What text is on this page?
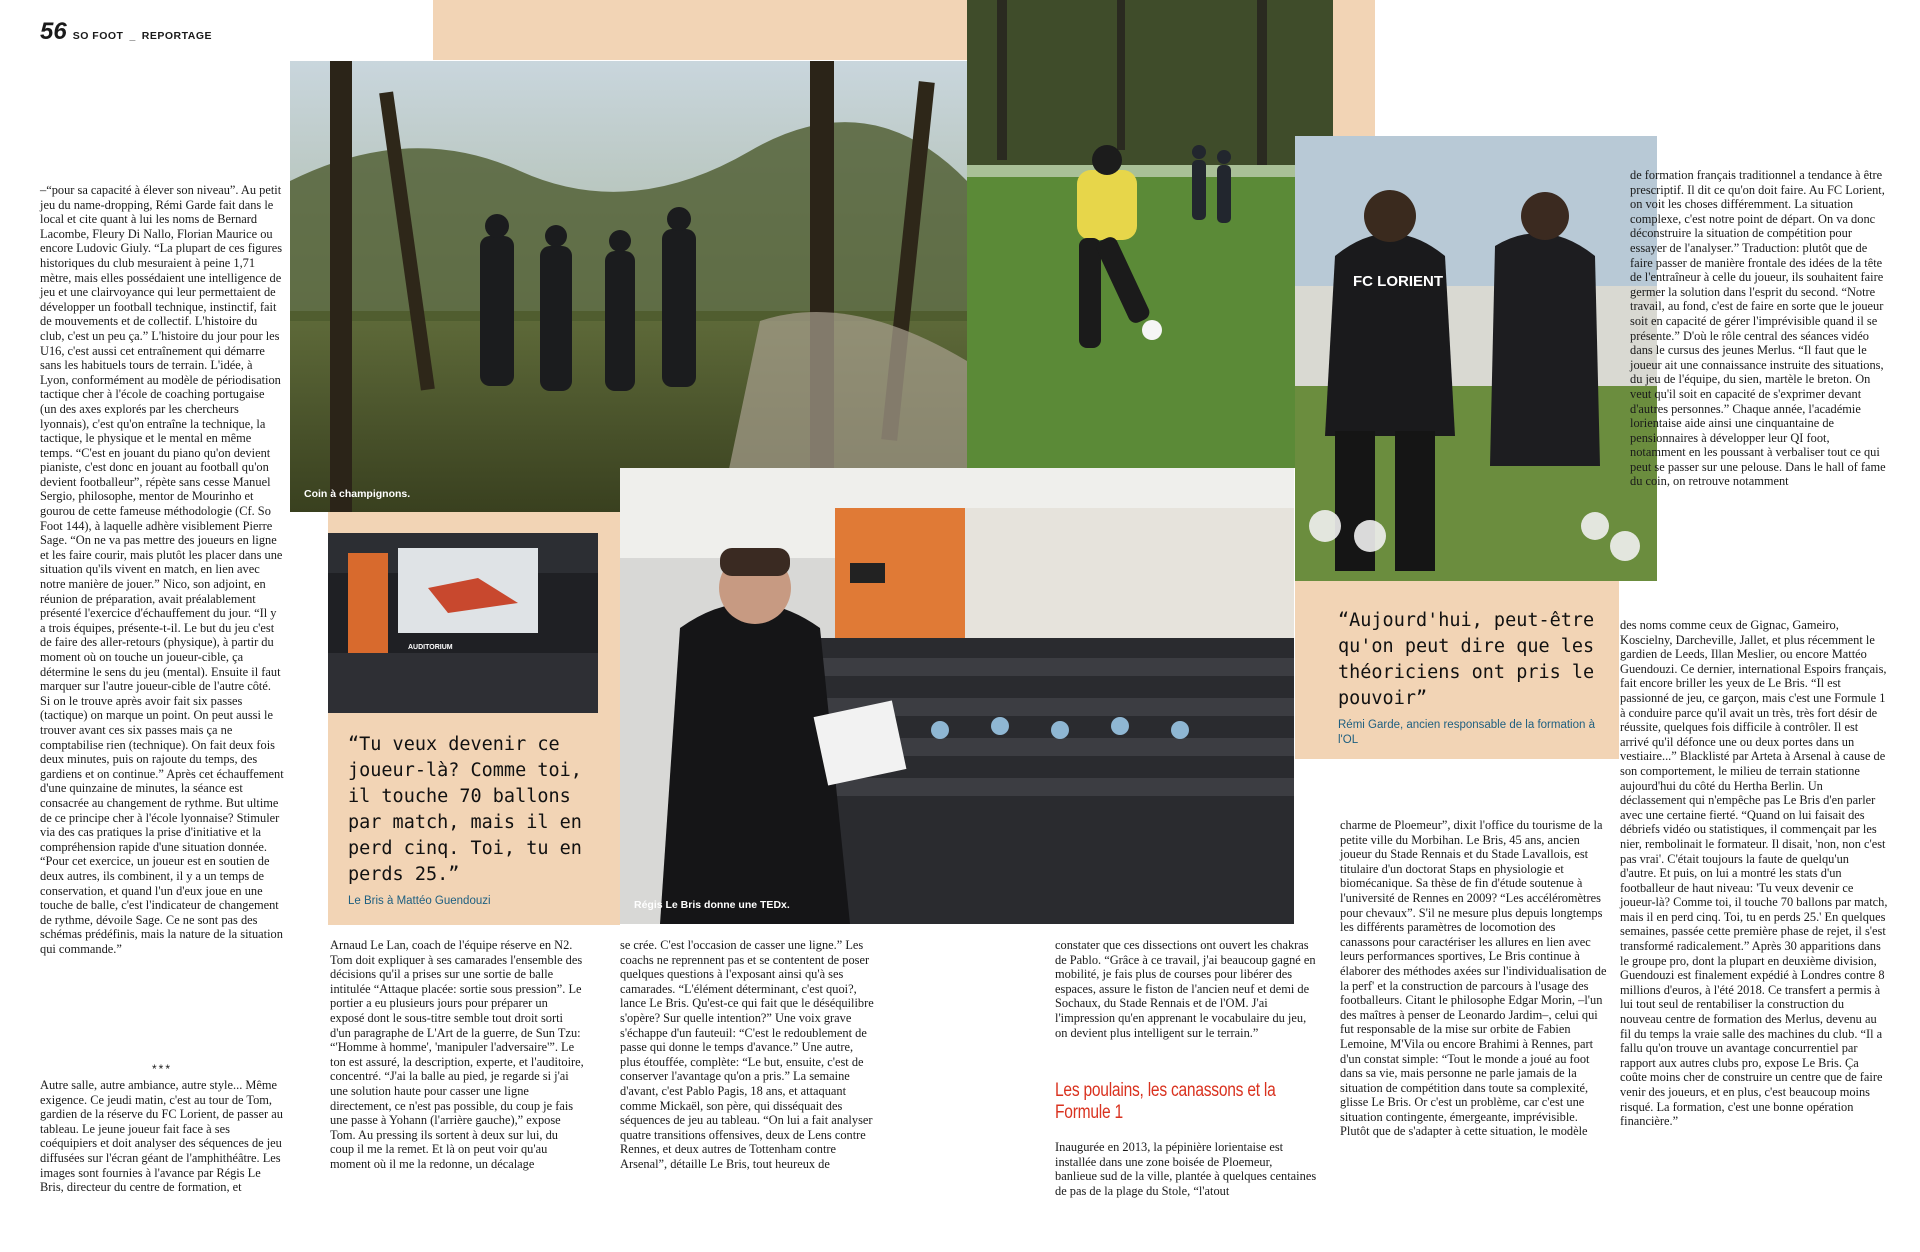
56 SO FOOT _ REPORTAGE
Coin à champignons.
FC LORIENT
Régis Le Bris donne une TEDx.
AUDITORIUM

–“pour sa capacité à élever son niveau”. Au petit jeu du name-dropping, Rémi Garde fait dans le local et cite quant à lui les noms de Bernard Lacombe, Fleury Di Nallo, Florian Maurice ou encore Ludovic Giuly. “La plupart de ces figures historiques du club mesuraient à peine 1,71 mètre, mais elles possédaient une intelligence de jeu et une clairvoyance qui leur permettaient de développer un football technique, instinctif, fait de mouvements et de collectif. L'histoire du club, c'est un peu ça.” L'histoire du jour pour les U16, c'est aussi cet entraînement qui démarre sans les habituels tours de terrain. L'idée, à Lyon, conformément au modèle de périodisation tactique cher à l'école de coaching portugaise (un des axes explorés par les chercheurs lyonnais), c'est qu'on entraîne la technique, la tactique, le physique et le mental en même temps. “C'est en jouant du piano qu'on devient pianiste, c'est donc en jouant au football qu'on devient footballeur”, répète sans cesse Manuel Sergio, philosophe, mentor de Mourinho et gourou de cette fameuse méthodologie (Cf. So Foot 144), à laquelle adhère visiblement Pierre Sage. “On ne va pas mettre des joueurs en ligne et les faire courir, mais plutôt les placer dans une situation qu'ils vivent en match, en lien avec notre manière de jouer.” Nico, son adjoint, en réunion de préparation, avait préalablement présenté l'exercice d'échauffement du jour. “Il y a trois équipes, présente-t-il. Le but du jeu c'est de faire des aller-retours (physique), à partir du moment où on touche un joueur-cible, ça détermine le sens du jeu (mental). Ensuite il faut marquer sur l'autre joueur-cible de l'autre côté. Si on le trouve après avoir fait six passes (tactique) on marque un point. On peut aussi le trouver avant ces six passes mais ça ne comptabilise rien (technique). On fait deux fois deux minutes, puis on rajoute du temps, des gardiens et on continue.” Après cet échauffement d'une quinzaine de minutes, la séance est consacrée au changement de rythme. But ultime de ce principe cher à l'école lyonnaise? Stimuler via des cas pratiques la prise d'initiative et la compréhension rapide d'une situation donnée. “Pour cet exercice, un joueur est en soutien de deux autres, ils combinent, il y a un temps de conservation, et quand l'un d'eux joue en une touche de balle, c'est l'indicateur de changement de rythme, dévoile Sage. Ce ne sont pas des schémas prédéfinis, mais la nature de la situation qui commande.”

***

Autre salle, autre ambiance, autre style... Même exigence. Ce jeudi matin, c'est au tour de Tom, gardien de la réserve du FC Lorient, de passer au tableau. Le jeune joueur fait face à ses coéquipiers et doit analyser des séquences de jeu diffusées sur l'écran géant de l'amphithéâtre. Les images sont fournies à l'avance par Régis Le Bris, directeur du centre de formation, et

“Tu veux devenir ce joueur-là? Comme toi, il touche 70 ballons par match, mais il en perd cinq. Toi, tu en perds 25.”
Le Bris à Mattéo Guendouzi

Arnaud Le Lan, coach de l'équipe réserve en N2. Tom doit expliquer à ses camarades l'ensemble des décisions qu'il a prises sur une sortie de balle intitulée “Attaque placée: sortie sous pression”. Le portier a eu plusieurs jours pour préparer un exposé dont le sous-titre semble tout droit sorti d'un paragraphe de L'Art de la guerre, de Sun Tzu: “'Homme à homme', 'manipuler l'adversaire'”. Le ton est assuré, la description, experte, et l'auditoire, concentré. “J'ai la balle au pied, je regarde si j'ai une solution haute pour casser une ligne directement, ce n'est pas possible, du coup je fais une passe à Yohann (l'arrière gauche),” expose Tom. Au pressing ils sortent à deux sur lui, du coup il me la remet. Et là on peut voir qu'au moment où il me la redonne, un décalage

se crée. C'est l'occasion de casser une ligne.” Les coachs ne reprennent pas et se contentent de poser quelques questions à l'exposant ainsi qu'à ses camarades. “L'élément déterminant, c'est quoi?, lance Le Bris. Qu'est-ce qui fait que le déséquilibre s'opère? Sur quelle intention?” Une voix grave s'échappe d'un fauteuil: “C'est le redoublement de passe qui donne le temps d'avance.” Une autre, plus étouffée, complète: “Le but, ensuite, c'est de conserver l'avantage qu'on a pris.” La semaine d'avant, c'est Pablo Pagis, 18 ans, et attaquant comme Mickaël, son père, qui disséquait des séquences de jeu au tableau. “On lui a fait analyser quatre transitions offensives, deux de Lens contre Rennes, et deux autres de Tottenham contre Arsenal”, détaille Le Bris, tout heureux de

constater que ces dissections ont ouvert les chakras de Pablo. “Grâce à ce travail, j'ai beaucoup gagné en mobilité, je fais plus de courses pour libérer des espaces, assure le fiston de l'ancien neuf et demi de Sochaux, du Stade Rennais et de l'OM. J'ai l'impression qu'en apprenant le vocabulaire du jeu, on devient plus intelligent sur le terrain.”

Les poulains, les canassons et la Formule 1

Inaugurée en 2013, la pépinière lorientaise est installée dans une zone boisée de Ploemeur, banlieue sud de la ville, plantée à quelques centaines de pas de la plage du Stole, “l'atout

“Aujourd'hui, peut-être qu'on peut dire que les théoriciens ont pris le pouvoir”
Rémi Garde, ancien responsable de la formation à l'OL

charme de Ploemeur”, dixit l'office du tourisme de la petite ville du Morbihan. Le Bris, 45 ans, ancien joueur du Stade Rennais et du Stade Lavallois, est titulaire d'un doctorat Staps en physiologie et biomécanique. Sa thèse de fin d'étude soutenue à l'université de Rennes en 2009? “Les accéléromètres pour chevaux”. S'il ne mesure plus depuis longtemps les différents paramètres de locomotion des canassons pour caractériser les allures en lien avec leurs performances sportives, Le Bris continue à élaborer des méthodes axées sur l'individualisation de la perf' et la construction de parcours à l'usage des footballeurs. Citant le philosophe Edgar Morin, –l'un des maîtres à penser de Leonardo Jardim–, celui qui fut responsable de la mise sur orbite de Fabien Lemoine, M'Vila ou encore Brahimi à Rennes, part d'un constat simple: “Tout le monde a joué au foot dans sa vie, mais personne ne parle jamais de la situation de compétition dans toute sa complexité, glisse Le Bris. Or c'est un problème, car c'est une situation contingente, émergeante, imprévisible. Plutôt que de s'adapter à cette situation, le modèle

de formation français traditionnel a tendance à être prescriptif. Il dit ce qu'on doit faire. Au FC Lorient, on voit les choses différemment. La situation complexe, c'est notre point de départ. On va donc déconstruire la situation de compétition pour essayer de l'analyser.” Traduction: plutôt que de faire passer de manière frontale des idées de la tête de l'entraîneur à celle du joueur, ils souhaitent faire germer la solution dans l'esprit du second. “Notre travail, au fond, c'est de faire en sorte que le joueur soit en capacité de gérer l'imprévisible quand il se présente.” D'où le rôle central des séances vidéo dans le cursus des jeunes Merlus. “Il faut que le joueur ait une connaissance instruite des situations, du jeu de l'équipe, du sien, martèle le breton. On veut qu'il soit en capacité de s'exprimer devant d'autres personnes.” Chaque année, l'académie lorientaise aide ainsi une cinquantaine de pensionnaires à développer leur QI foot, notamment en les poussant à verbaliser tout ce qui peut se passer sur une pelouse. Dans le hall of fame du coin, on retrouve notamment

des noms comme ceux de Gignac, Gameiro, Koscielny, Darcheville, Jallet, et plus récemment le gardien de Leeds, Illan Meslier, ou encore Mattéo Guendouzi. Ce dernier, international Espoirs français, fait encore briller les yeux de Le Bris. “Il est passionné de jeu, ce garçon, mais c'est une Formule 1 à conduire parce qu'il avait un très, très fort désir de réussite, quelques fois difficile à contrôler. Il est arrivé qu'il défonce une ou deux portes dans un vestiaire...” Blacklisté par Arteta à Arsenal à cause de son comportement, le milieu de terrain stationne aujourd'hui du côté du Hertha Berlin. Un déclassement qui n'empêche pas Le Bris d'en parler avec une certaine fierté. “Quand on lui faisait des débriefs vidéo ou statistiques, il commençait par les nier, rembolinait le formateur. Il disait, 'non, non c'est pas vrai'. C'était toujours la faute de quelqu'un d'autre. Et puis, on lui a montré les stats d'un footballeur de haut niveau: 'Tu veux devenir ce joueur-là? Comme toi, il touche 70 ballons par match, mais il en perd cinq. Toi, tu en perds 25.' En quelques semaines, passée cette première phase de rejet, il s'est transformé radicalement.” Après 30 apparitions dans le groupe pro, dont la plupart en deuxième division, Guendouzi est finalement expédié à Londres contre 8 millions d'euros, à l'été 2018. Ce transfert a permis à lui tout seul de rentabiliser la construction du nouveau centre de formation des Merlus, devenu au fil du temps la vraie salle des machines du club. “Il a fallu qu'on trouve un avantage concurrentiel par rapport aux autres clubs pro, expose Le Bris. Ça coûte moins cher de construire un centre que de faire venir des joueurs, et en plus, c'est beaucoup moins risqué. La formation, c'est une bonne opération financière.”
